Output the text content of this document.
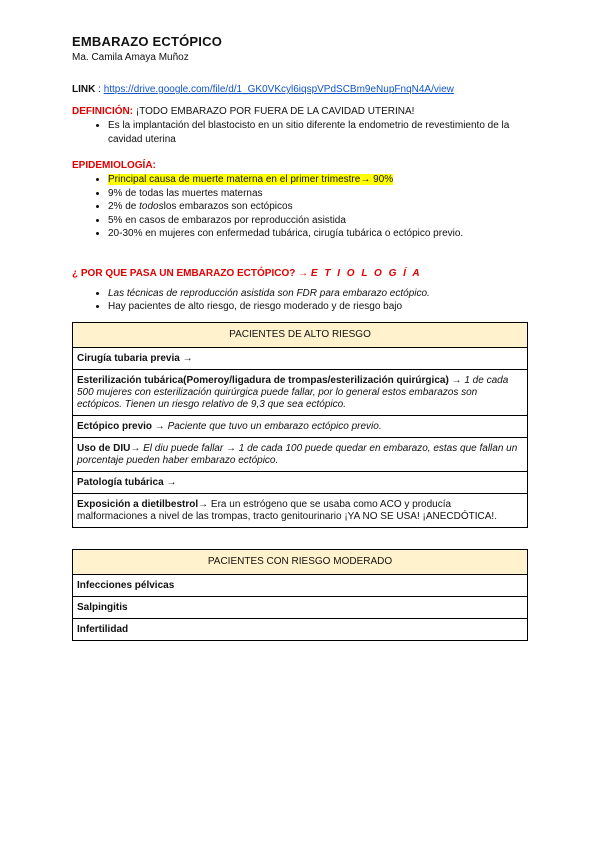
EMBARAZO ECTÓPICO
Ma. Camila Amaya Muñoz
LINK : https://drive.google.com/file/d/1_GK0VKcyl6iqspVPdSCBm9eNupFnqN4A/view
DEFINICIÓN: ¡TODO EMBARAZO POR FUERA DE LA CAVIDAD UTERINA!
• Es la implantación del blastocisto en un sitio diferente la endometrio de revestimiento de la cavidad uterina
EPIDEMIOLOGÍA:
• Principal causa de muerte materna en el primer trimestre→ 90%
• 9% de todas las muertes maternas
• 2% de todoslos embarazos son ectópicos
• 5% en casos de embarazos por reproducción asistida
• 20-30% en mujeres con enfermedad tubárica, cirugía tubárica o ectópico previo.
¿ POR QUE PASA UN EMBARAZO ECTÓPICO? → E T I O L O G Í A
• Las técnicas de reproducción asistida son FDR para embarazo ectópico.
• Hay pacientes de alto riesgo, de riesgo moderado y de riesgo bajo
PACIENTES DE ALTO RIESGO
Cirugía tubaria previa →
Esterilización tubárica(Pomeroy/ligadura de trompas/esterilización quirúrgica) → 1 de cada 500 mujeres con esterilización quirúrgica puede fallar, por lo general estos embarazos son ectópicos. Tienen un riesgo relativo de 9,3 que sea ectópico.
Ectópico previo → Paciente que tuvo un embarazo ectópico previo.
Uso de DIU→ El diu puede fallar → 1 de cada 100 puede quedar en embarazo, estas que fallan un porcentaje pueden haber embarazo ectópico.
Patología tubárica →
Exposición a dietilbestrol→ Era un estrógeno que se usaba como ACO y producía malformaciones a nivel de las trompas, tracto genitourinario ¡YA NO SE USA! ¡ANECDÓTICA!.
PACIENTES CON RIESGO MODERADO
Infecciones pélvicas
Salpingitis
Infertilidad
